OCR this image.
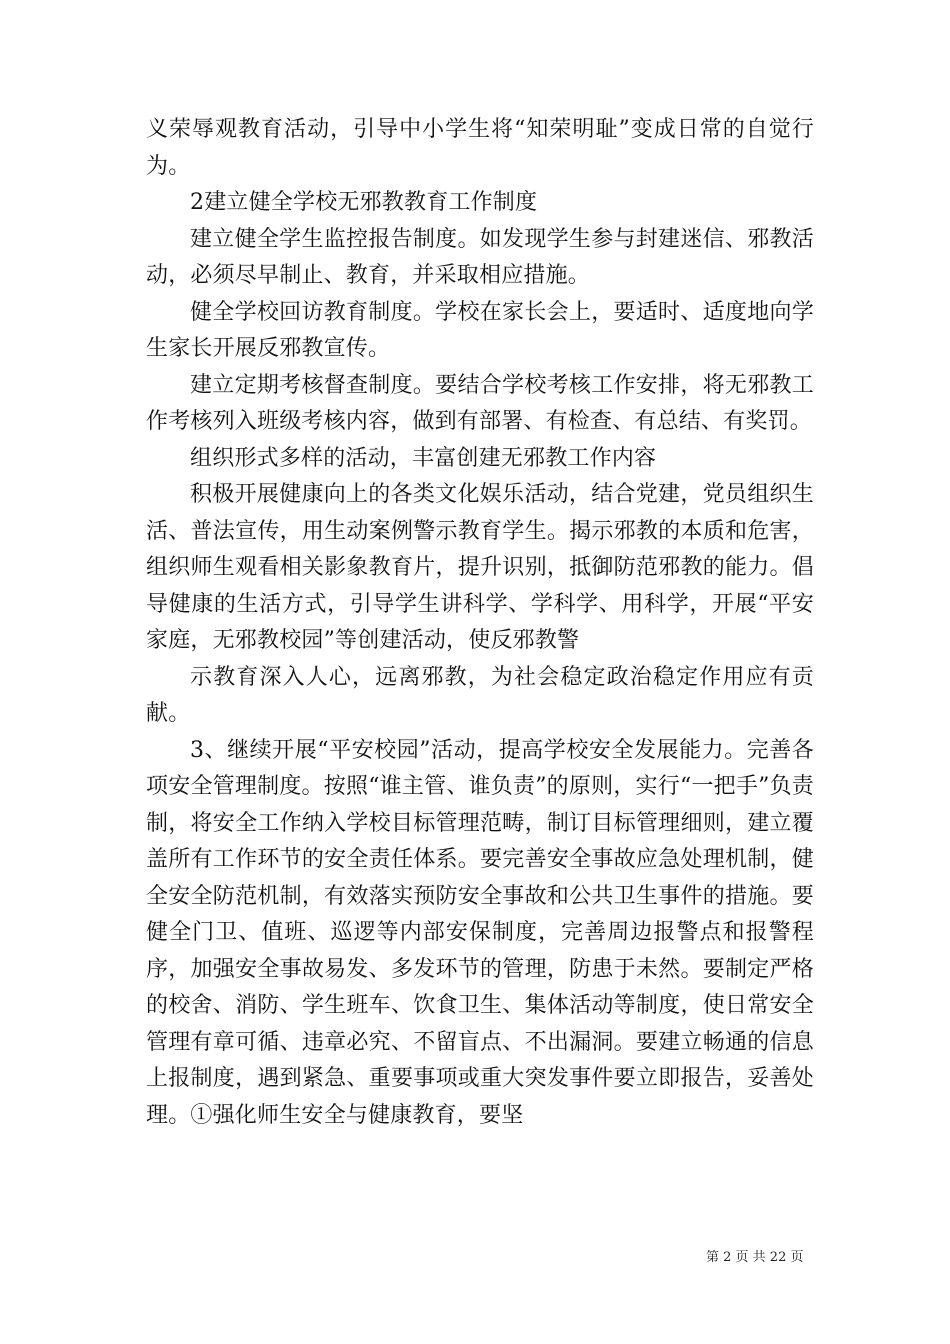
义荣辱观教育活动，引导中小学生将“知荣明耻”变成日常的自觉行为。

2建立健全学校无邪教教育工作制度

建立健全学生监控报告制度。如发现学生参与封建迷信、邪教活动，必须尽早制止、教育，并采取相应措施。

健全学校回访教育制度。学校在家长会上，要适时、适度地向学生家长开展反邪教宣传。

建立定期考核督查制度。要结合学校考核工作安排，将无邪教工作考核列入班级考核内容，做到有部署、有检查、有总结、有奖罚。

组织形式多样的活动，丰富创建无邪教工作内容

积极开展健康向上的各类文化娱乐活动，结合党建，党员组织生活、普法宣传，用生动案例警示教育学生。揭示邪教的本质和危害，组织师生观看相关影象教育片，提升识别，抵御防范邪教的能力。倡导健康的生活方式，引导学生讲科学、学科学、用科学，开展“平安家庭，无邪教校园”等创建活动，使反邪教警

示教育深入人心，远离邪教，为社会稳定政治稳定作用应有贡献。

3、继续开展“平安校园”活动，提高学校安全发展能力。完善各项安全管理制度。按照“谁主管、谁负责”的原则，实行“一把手”负责制，将安全工作纳入学校目标管理范畴，制订目标管理细则，建立覆盖所有工作环节的安全责任体系。要完善安全事故应急处理机制，健全安全防范机制，有效落实预防安全事故和公共卫生事件的措施。要健全门卫、值班、巡逻等内部安保制度，完善周边报警点和报警程序，加强安全事故易发、多发环节的管理，防患于未然。要制定严格的校舍、消防、学生班车、饮食卫生、集体活动等制度，使日常安全管理有章可循、违章必究、不留盲点、不出漏洞。要建立畅通的信息上报制度，遇到紧急、重要事项或重大突发事件要立即报告，妥善处理。①强化师生安全与健康教育，要坚

第 2 页 共 22 页
